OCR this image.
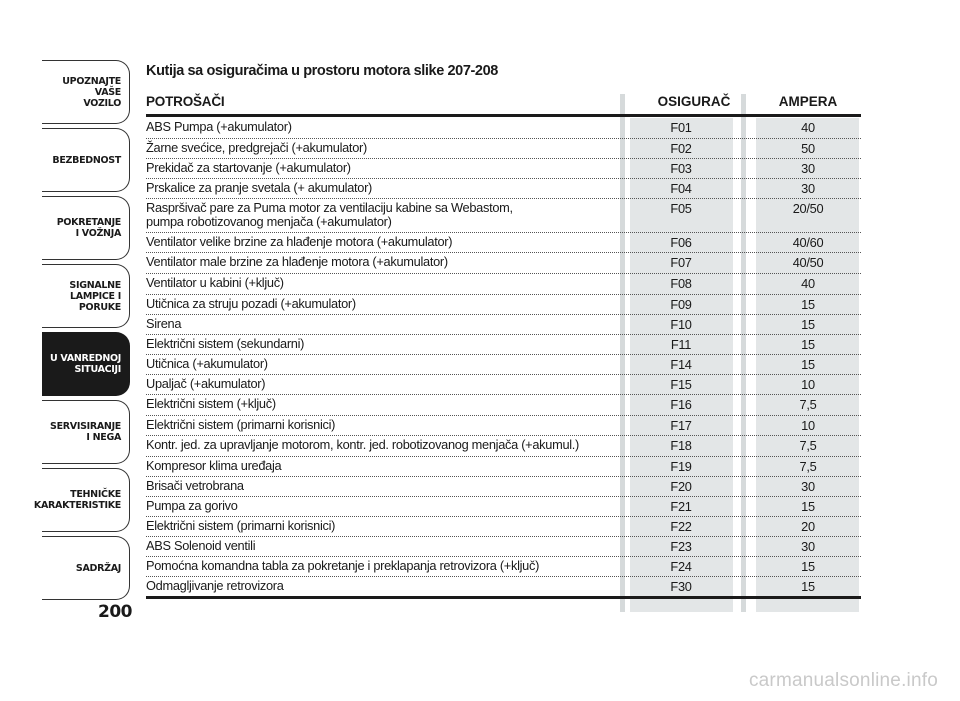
UPOZNAJTE
VAŠE
VOZILO
BEZBEDNOST
POKRETANJE
I VOŽNJA
SIGNALNE
LAMPICE I PORUKE
U VANREDNOJ
SITUACIJI
SERVISIRANJE
I NEGA
TEHNIČKE
KARAKTERISTIKE
SADRŽAJ
200
Kutija sa osiguračima u prostoru motora slike 207-208
POTROŠAČI	OSIGURAČ	AMPERA
ABS Pumpa (+akumulator)	F01	40
Žarne svećice, predgrejači (+akumulator)	F02	50
Prekidač za startovanje (+akumulator)	F03	30
Prskalice za pranje svetala (+ akumulator)	F04	30
Raspršivač pare za Puma motor za ventilaciju kabine sa Webastom,
pumpa robotizovanog menjača (+akumulator)
F05	20/50
Ventilator velike brzine za hlađenje motora (+akumulator)	F06	40/60
Ventilator male brzine za hlađenje motora (+akumulator)	F07	40/50
Ventilator u kabini (+ključ)	F08	40
Utičnica za struju pozadi (+akumulator)	F09	15
Sirena	F10	15
Električni sistem (sekundarni)	F11	15
Utičnica (+akumulator)	F14	15
Upaljač (+akumulator)	F15	10
Električni sistem (+ključ)	F16	7,5
Električni sistem (primarni korisnici)	F17	10
Kontr. jed. za upravljanje motorom, kontr. jed. robotizovanog menjača (+akumul.)	F18	7,5
Kompresor klima uređaja	F19	7,5
Brisači vetrobrana	F20	30
Pumpa za gorivo	F21	15
Električni sistem (primarni korisnici)	F22	20
ABS Solenoid ventili	F23	30
Pomoćna komandna tabla za pokretanje i preklapanja retrovizora (+ključ)	F24	15
Odmagljivanje retrovizora	F30	15
carmanualsonline.info
